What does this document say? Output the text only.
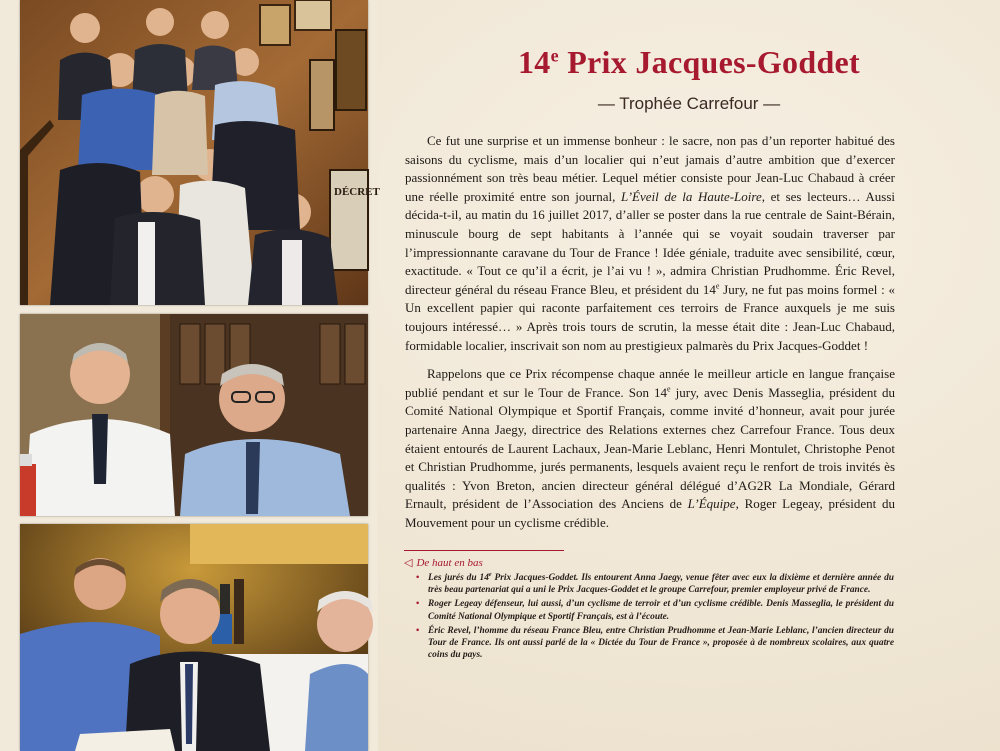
DÉCRET
14e Prix Jacques-Goddet
— Trophée Carrefour —

Ce fut une surprise et un immense bonheur : le sacre, non pas d’un reporter habitué des saisons du cyclisme, mais d’un localier qui n’eut jamais d’autre ambition que d’exercer passionnément son très beau métier. Lequel métier consiste pour Jean-Luc Chabaud à créer une réelle proximité entre son journal, L’Éveil de la Haute-Loire, et ses lecteurs… Aussi décida-t-il, au matin du 16 juillet 2017, d’aller se poster dans la rue centrale de Saint-Bérain, minuscule bourg de sept habitants à l’année qui se voyait soudain traverser par l’impressionnante caravane du Tour de France ! Idée géniale, traduite avec sensibilité, cœur, exactitude. « Tout ce qu’il a écrit, je l’ai vu ! », admira Christian Prudhomme. Éric Revel, directeur général du réseau France Bleu, et président du 14e Jury, ne fut pas moins formel : « Un excellent papier qui raconte parfaitement ces terroirs de France auxquels je me suis toujours intéressé… » Après trois tours de scrutin, la messe était dite : Jean-Luc Chabaud, formidable localier, inscrivait son nom au prestigieux palmarès du Prix Jacques-Goddet !

Rappelons que ce Prix récompense chaque année le meilleur article en langue française publié pendant et sur le Tour de France. Son 14e jury, avec Denis Masseglia, président du Comité National Olympique et Sportif Français, comme invité d’honneur, avait pour jurée partenaire Anna Jaegy, directrice des Relations externes chez Carrefour France. Tous deux étaient entourés de Laurent Lachaux, Jean-Marie Leblanc, Henri Montulet, Christophe Penot et Christian Prudhomme, jurés permanents, lesquels avaient reçu le renfort de trois invités ès qualités : Yvon Breton, ancien directeur général délégué d’AG2R La Mondiale, Gérard Ernault, président de l’Association des Anciens de L’Équipe, Roger Legeay, président du Mouvement pour un cyclisme crédible.

◁ De haut en bas
• Les jurés du 14e Prix Jacques-Goddet. Ils entourent Anna Jaegy, venue fêter avec eux la dixième et dernière année du très beau partenariat qui a uni le Prix Jacques-Goddet et le groupe Carrefour, premier employeur privé de France.
• Roger Legeay défenseur, lui aussi, d’un cyclisme de terroir et d’un cyclisme crédible. Denis Masseglia, le président du Comité National Olympique et Sportif Français, est à l’écoute.
• Éric Revel, l’homme du réseau France Bleu, entre Christian Prudhomme et Jean-Marie Leblanc, l’ancien directeur du Tour de France. Ils ont aussi parlé de la « Dictée du Tour de France », proposée à de nombreux scolaires, aux quatre coins du pays.
